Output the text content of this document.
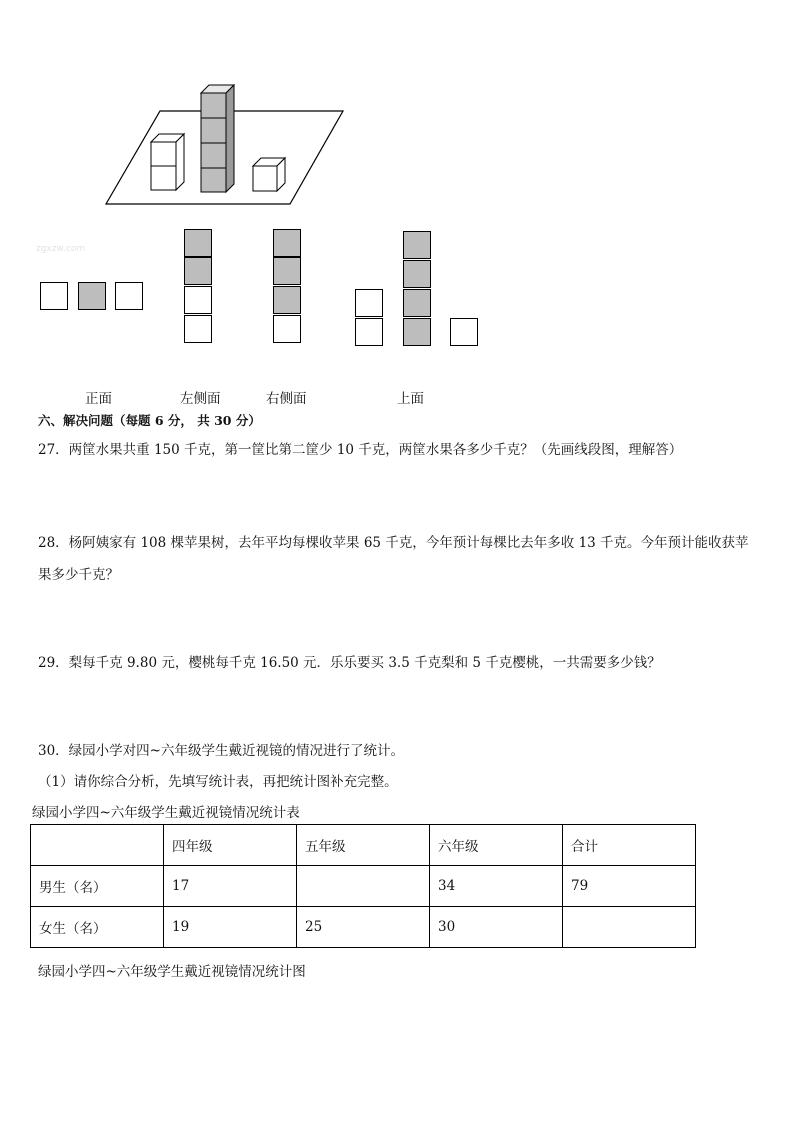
zgxzw.com
正面	左侧面	右侧面	上面
六、解决问题（每题 6 分， 共 30 分）
27．两筐水果共重 150 千克，第一筐比第二筐少 10 千克，两筐水果各多少千克？（先画线段图，理解答）
28．杨阿姨家有 108 棵苹果树，去年平均每棵收苹果 65 千克，今年预计每棵比去年多收 13 千克。今年预计能收获苹
果多少千克？
29．梨每千克 9.80 元，樱桃每千克 16.50 元．乐乐要买 3.5 千克梨和 5 千克樱桃，一共需要多少钱？
30．绿园小学对四~六年级学生戴近视镜的情况进行了统计。
（1）请你综合分析，先填写统计表，再把统计图补充完整。
绿园小学四~六年级学生戴近视镜情况统计表
	四年级	五年级	六年级	合计
男生（名）	17		34	79
女生（名）	19	25	30	
绿园小学四~六年级学生戴近视镜情况统计图
